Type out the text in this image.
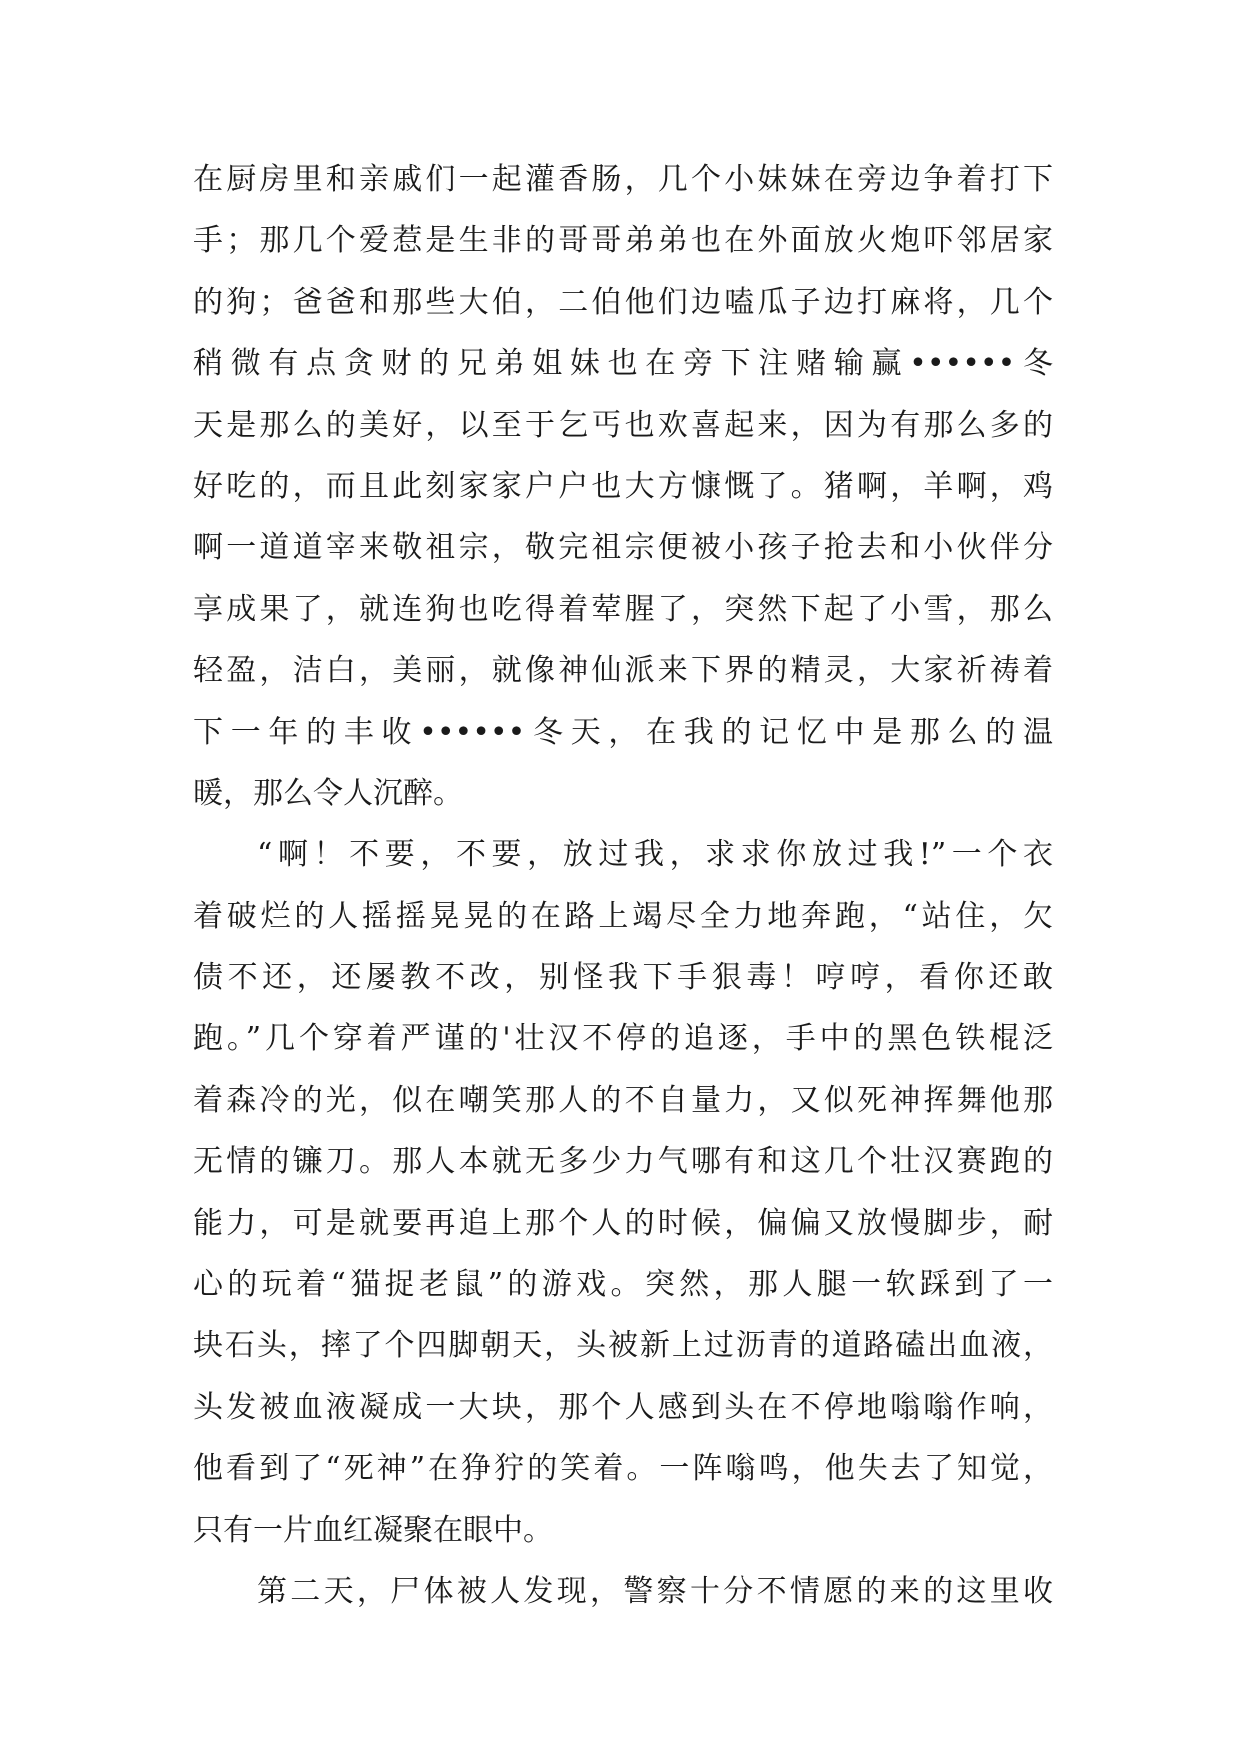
在厨房里和亲戚们一起灌香肠，几个小妹妹在旁边争着打下
手；那几个爱惹是生非的哥哥弟弟也在外面放火炮吓邻居家
的狗；爸爸和那些大伯，二伯他们边嗑瓜子边打麻将，几个
稍微有点贪财的兄弟姐妹也在旁下注赌输赢••••••冬
天是那么的美好，以至于乞丐也欢喜起来，因为有那么多的
好吃的，而且此刻家家户户也大方慷慨了。猪啊，羊啊，鸡
啊一道道宰来敬祖宗，敬完祖宗便被小孩子抢去和小伙伴分
享成果了，就连狗也吃得着荤腥了，突然下起了小雪，那么
轻盈，洁白，美丽，就像神仙派来下界的精灵，大家祈祷着
下一年的丰收••••••冬天，在我的记忆中是那么的温
暖，那么令人沉醉。
“啊！不要，不要，放过我，求求你放过我!”一个衣
着破烂的人摇摇晃晃的在路上竭尽全力地奔跑，“站住，欠
债不还，还屡教不改，别怪我下手狠毒！哼哼，看你还敢
跑。”几个穿着严谨的'壮汉不停的追逐，手中的黑色铁棍泛
着森冷的光，似在嘲笑那人的不自量力，又似死神挥舞他那
无情的镰刀。那人本就无多少力气哪有和这几个壮汉赛跑的
能力，可是就要再追上那个人的时候，偏偏又放慢脚步，耐
心的玩着“猫捉老鼠”的游戏。突然，那人腿一软踩到了一
块石头，摔了个四脚朝天，头被新上过沥青的道路磕出血液，
头发被血液凝成一大块，那个人感到头在不停地嗡嗡作响，
他看到了“死神”在狰狞的笑着。一阵嗡鸣，他失去了知觉，
只有一片血红凝聚在眼中。
第二天，尸体被人发现，警察十分不情愿的来的这里收
